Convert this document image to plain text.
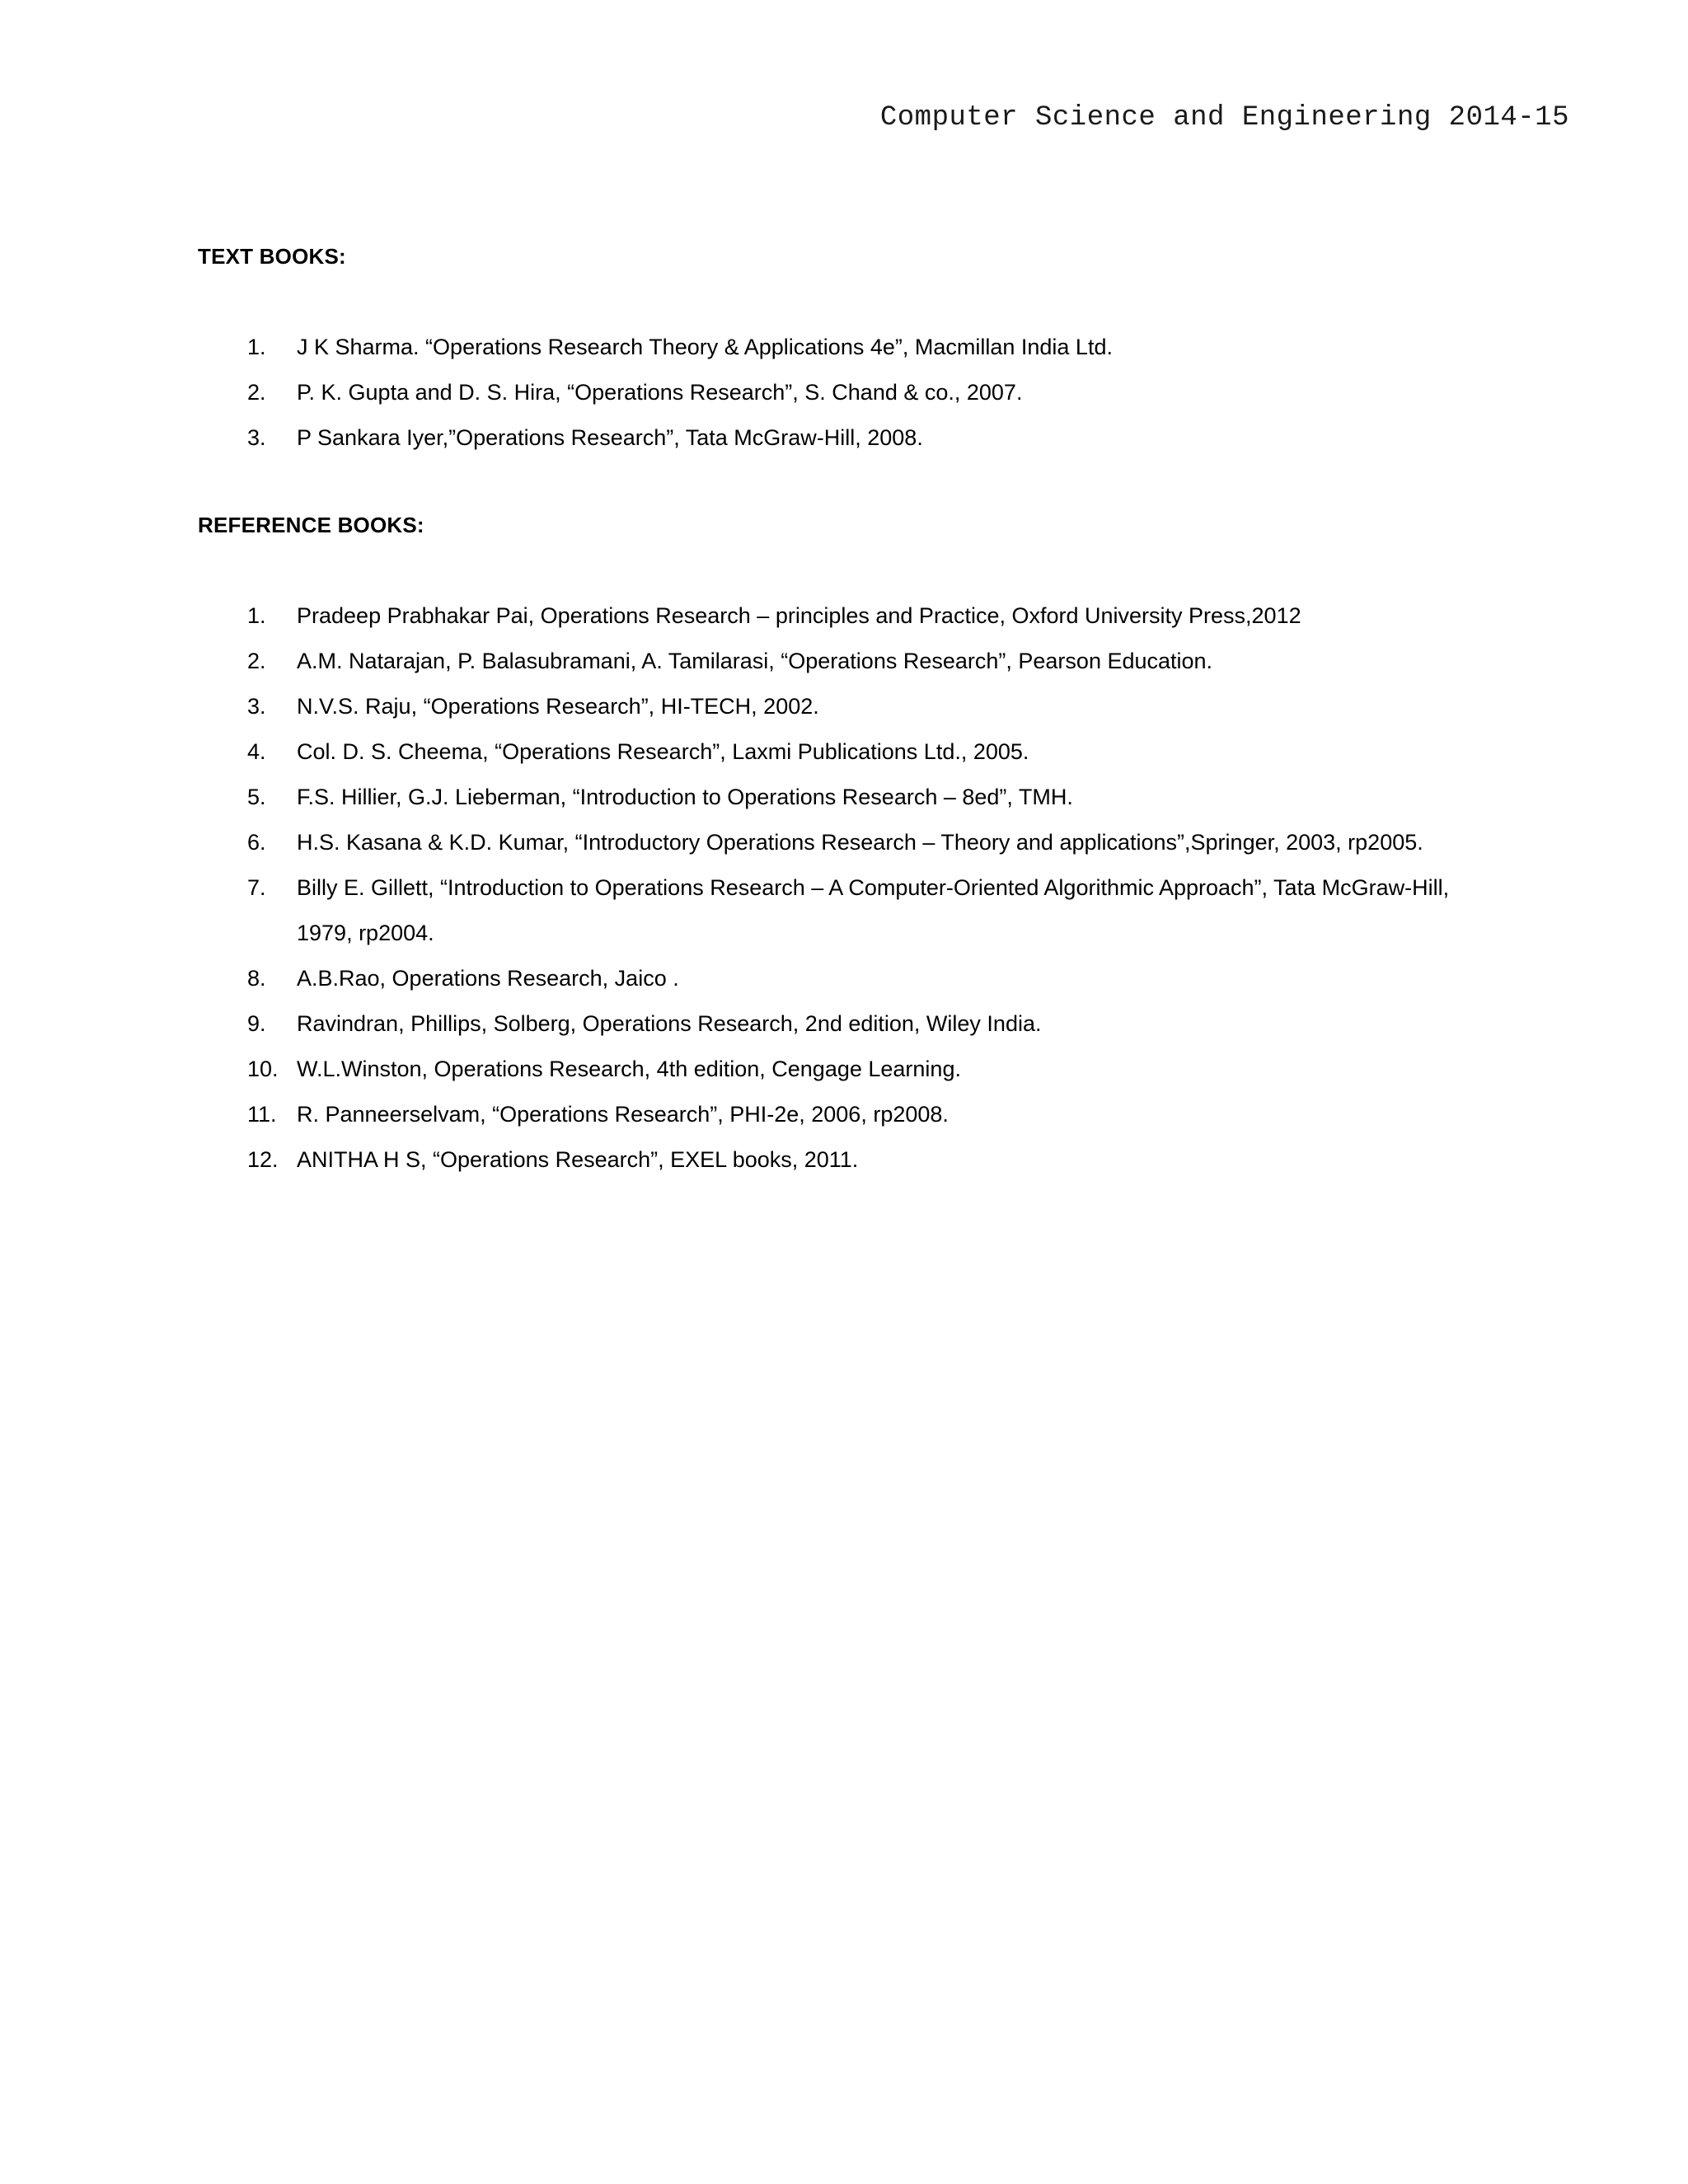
Computer Science and Engineering 2014-15
TEXT BOOKS:
1.	J K Sharma. “Operations Research Theory & Applications 4e”, Macmillan India Ltd.
2.	P. K. Gupta and D. S. Hira, “Operations Research”, S. Chand & co., 2007.
3.	P Sankara Iyer,”Operations Research”, Tata McGraw-Hill, 2008.
REFERENCE BOOKS:
1.	Pradeep Prabhakar Pai, Operations Research – principles and Practice, Oxford University Press,2012
2.	A.M. Natarajan, P. Balasubramani, A. Tamilarasi, “Operations Research”, Pearson Education.
3.	N.V.S. Raju, “Operations Research”, HI-TECH, 2002.
4.	Col. D. S. Cheema, “Operations Research”, Laxmi Publications Ltd., 2005.
5.	F.S. Hillier, G.J. Lieberman, “Introduction to Operations Research – 8ed”, TMH.
6.	H.S. Kasana & K.D. Kumar, “Introductory Operations Research – Theory and applications”,Springer, 2003, rp2005.
7.	Billy E. Gillett, “Introduction to Operations Research – A Computer-Oriented Algorithmic Approach”, Tata McGraw-Hill, 1979, rp2004.
8.	A.B.Rao, Operations Research, Jaico .
9.	Ravindran, Phillips, Solberg, Operations Research, 2nd edition, Wiley India.
10. W.L.Winston, Operations Research, 4th edition, Cengage Learning.
11. R. Panneerselvam, “Operations Research”, PHI-2e, 2006, rp2008.
12. ANITHA H S, “Operations Research”, EXEL books, 2011.
